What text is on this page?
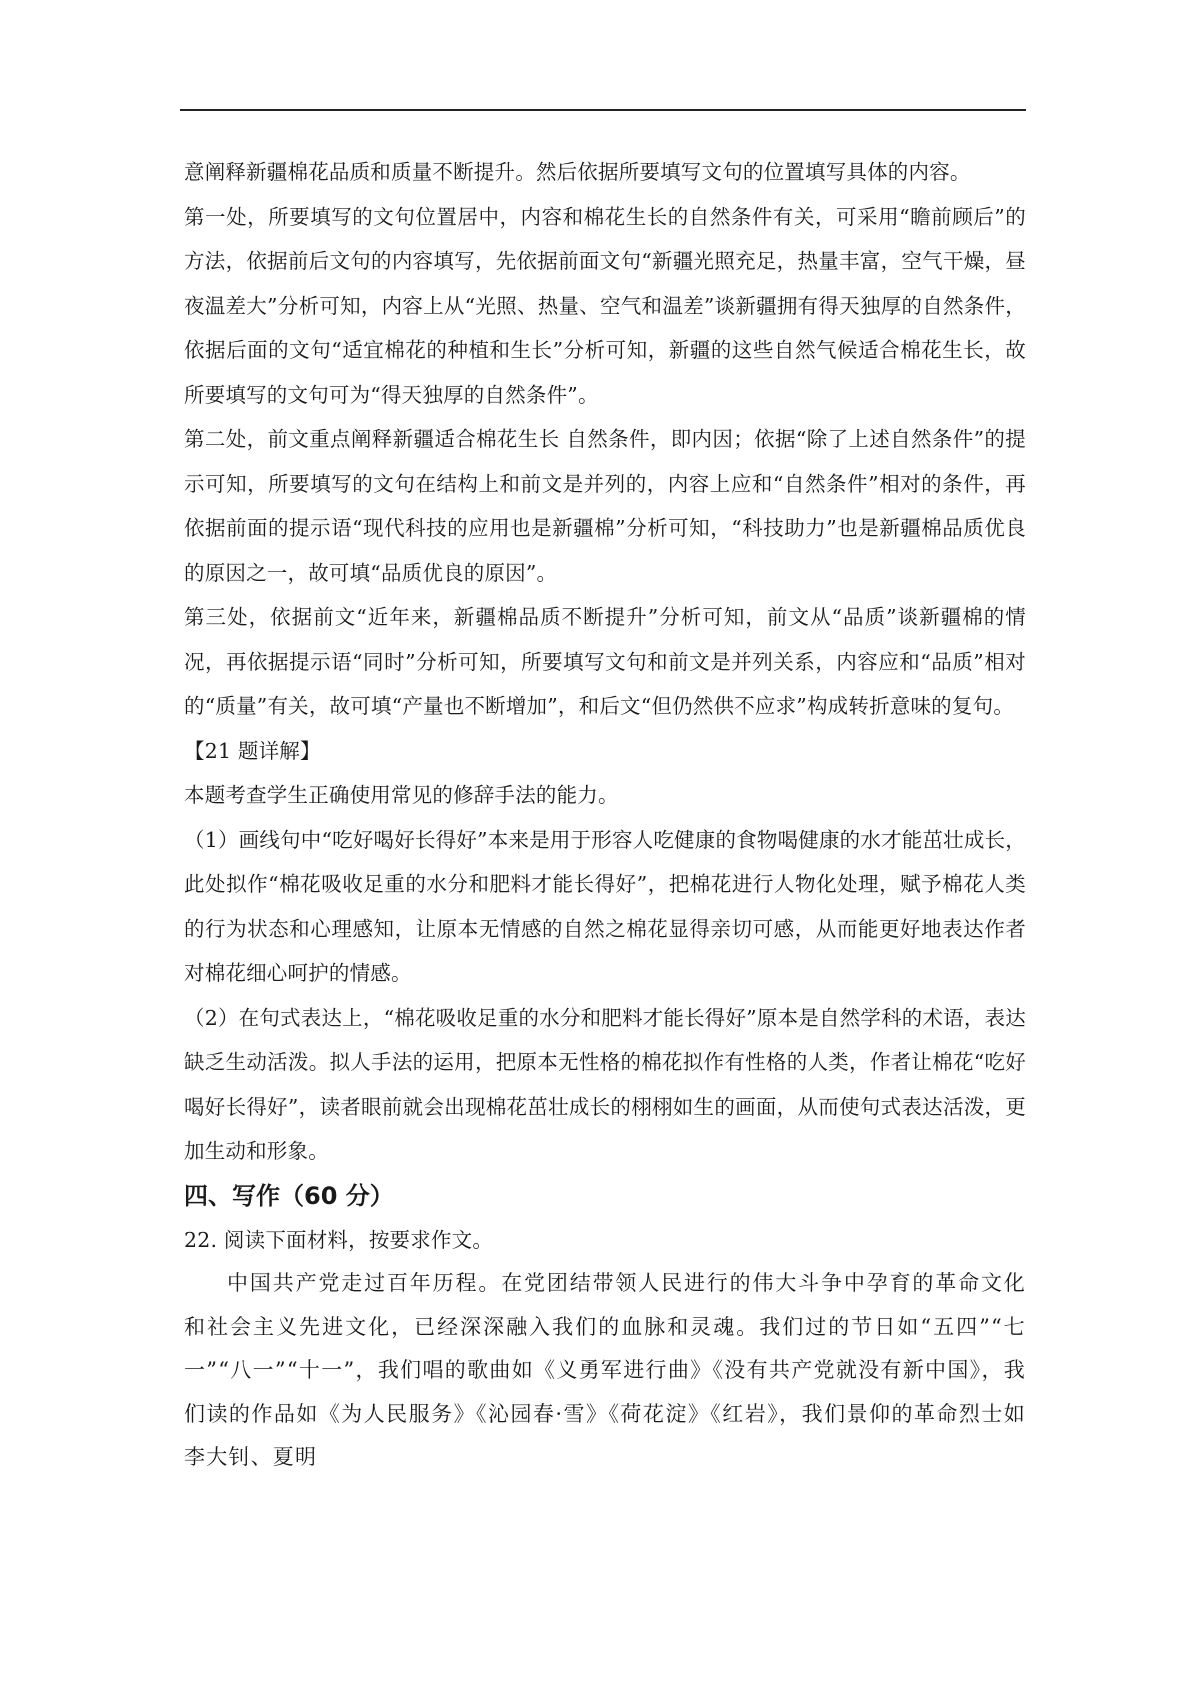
意阐释新疆棉花品质和质量不断提升。然后依据所要填写文句的位置填写具体的内容。

第一处，所要填写的文句位置居中，内容和棉花生长的自然条件有关，可采用“瞻前顾后”的方法，依据前后文句的内容填写，先依据前面文句“新疆光照充足，热量丰富，空气干燥，昼夜温差大”分析可知，内容上从“光照、热量、空气和温差”谈新疆拥有得天独厚的自然条件，依据后面的文句“适宜棉花的种植和生长”分析可知，新疆的这些自然气候适合棉花生长，故所要填写的文句可为“得天独厚的自然条件”。

第二处，前文重点阐释新疆适合棉花生长 自然条件，即内因；依据“除了上述自然条件”的提示可知，所要填写的文句在结构上和前文是并列的，内容上应和“自然条件”相对的条件，再依据前面的提示语“现代科技的应用也是新疆棉”分析可知，“科技助力”也是新疆棉品质优良的原因之一，故可填“品质优良的原因”。

第三处，依据前文“近年来，新疆棉品质不断提升”分析可知，前文从“品质”谈新疆棉的情况，再依据提示语“同时”分析可知，所要填写文句和前文是并列关系，内容应和“品质”相对的“质量”有关，故可填“产量也不断增加”，和后文“但仍然供不应求”构成转折意味的复句。

【21 题详解】

本题考查学生正确使用常见的修辞手法的能力。

（1）画线句中“吃好喝好长得好”本来是用于形容人吃健康的食物喝健康的水才能茁壮成长，此处拟作“棉花吸收足重的水分和肥料才能长得好”，把棉花进行人物化处理，赋予棉花人类的行为状态和心理感知，让原本无情感的自然之棉花显得亲切可感，从而能更好地表达作者对棉花细心呵护的情感。

（2）在句式表达上，“棉花吸收足重的水分和肥料才能长得好”原本是自然学科的术语，表达缺乏生动活泼。拟人手法的运用，把原本无性格的棉花拟作有性格的人类，作者让棉花“吃好喝好长得好”，读者眼前就会出现棉花茁壮成长的栩栩如生的画面，从而使句式表达活泼，更加生动和形象。

四、写作（60 分）

22. 阅读下面材料，按要求作文。

中国共产党走过百年历程。在党团结带领人民进行的伟大斗争中孕育的革命文化和社会主义先进文化，已经深深融入我们的血脉和灵魂。我们过的节日如“五四”“七一”“八一”“十一”，我们唱的歌曲如《义勇军进行曲》《没有共产党就没有新中国》，我们读的作品如《为人民服务》《沁园春·雪》《荷花淀》《红岩》，我们景仰的革命烈士如李大钊、夏明
